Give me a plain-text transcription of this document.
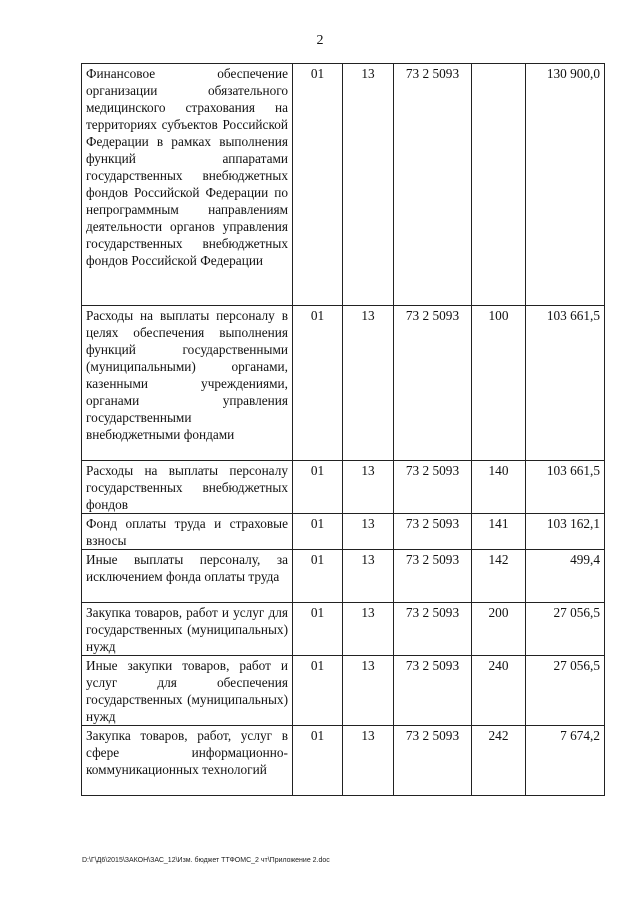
2
Финансовое обеспечение организации обязательного медицинского страхования на территориях субъектов Российской Федерации в рамках выполнения функций аппаратами государственных внебюджетных фондов Российской Федерации по непрограммным направлениям деятельности органов управления государственных внебюджетных фондов Российской Федерации	01	13	73 2 5093		130 900,0
Расходы на выплаты персоналу в целях обеспечения выполнения функций государственными (муниципальными) органами, казенными учреждениями, органами управления государственными внебюджетными фондами	01	13	73 2 5093	100	103 661,5
Расходы на выплаты персоналу государственных внебюджетных фондов	01	13	73 2 5093	140	103 661,5
Фонд оплаты труда и страховые взносы	01	13	73 2 5093	141	103 162,1
Иные выплаты персоналу, за исключением фонда оплаты труда	01	13	73 2 5093	142	499,4
Закупка товаров, работ и услуг для государственных (муниципальных) нужд	01	13	73 2 5093	200	27 056,5
Иные закупки товаров, работ и услуг для обеспечения государственных (муниципальных) нужд	01	13	73 2 5093	240	27 056,5
Закупка товаров, работ, услуг в сфере информационно-коммуникационных технологий	01	13	73 2 5093	242	7 674,2
D:\Г\Д6\2015\ЗАКОН\ЗАС_12\Изм. бюджет ТТФОМС_2 чт\Приложение 2.doc
